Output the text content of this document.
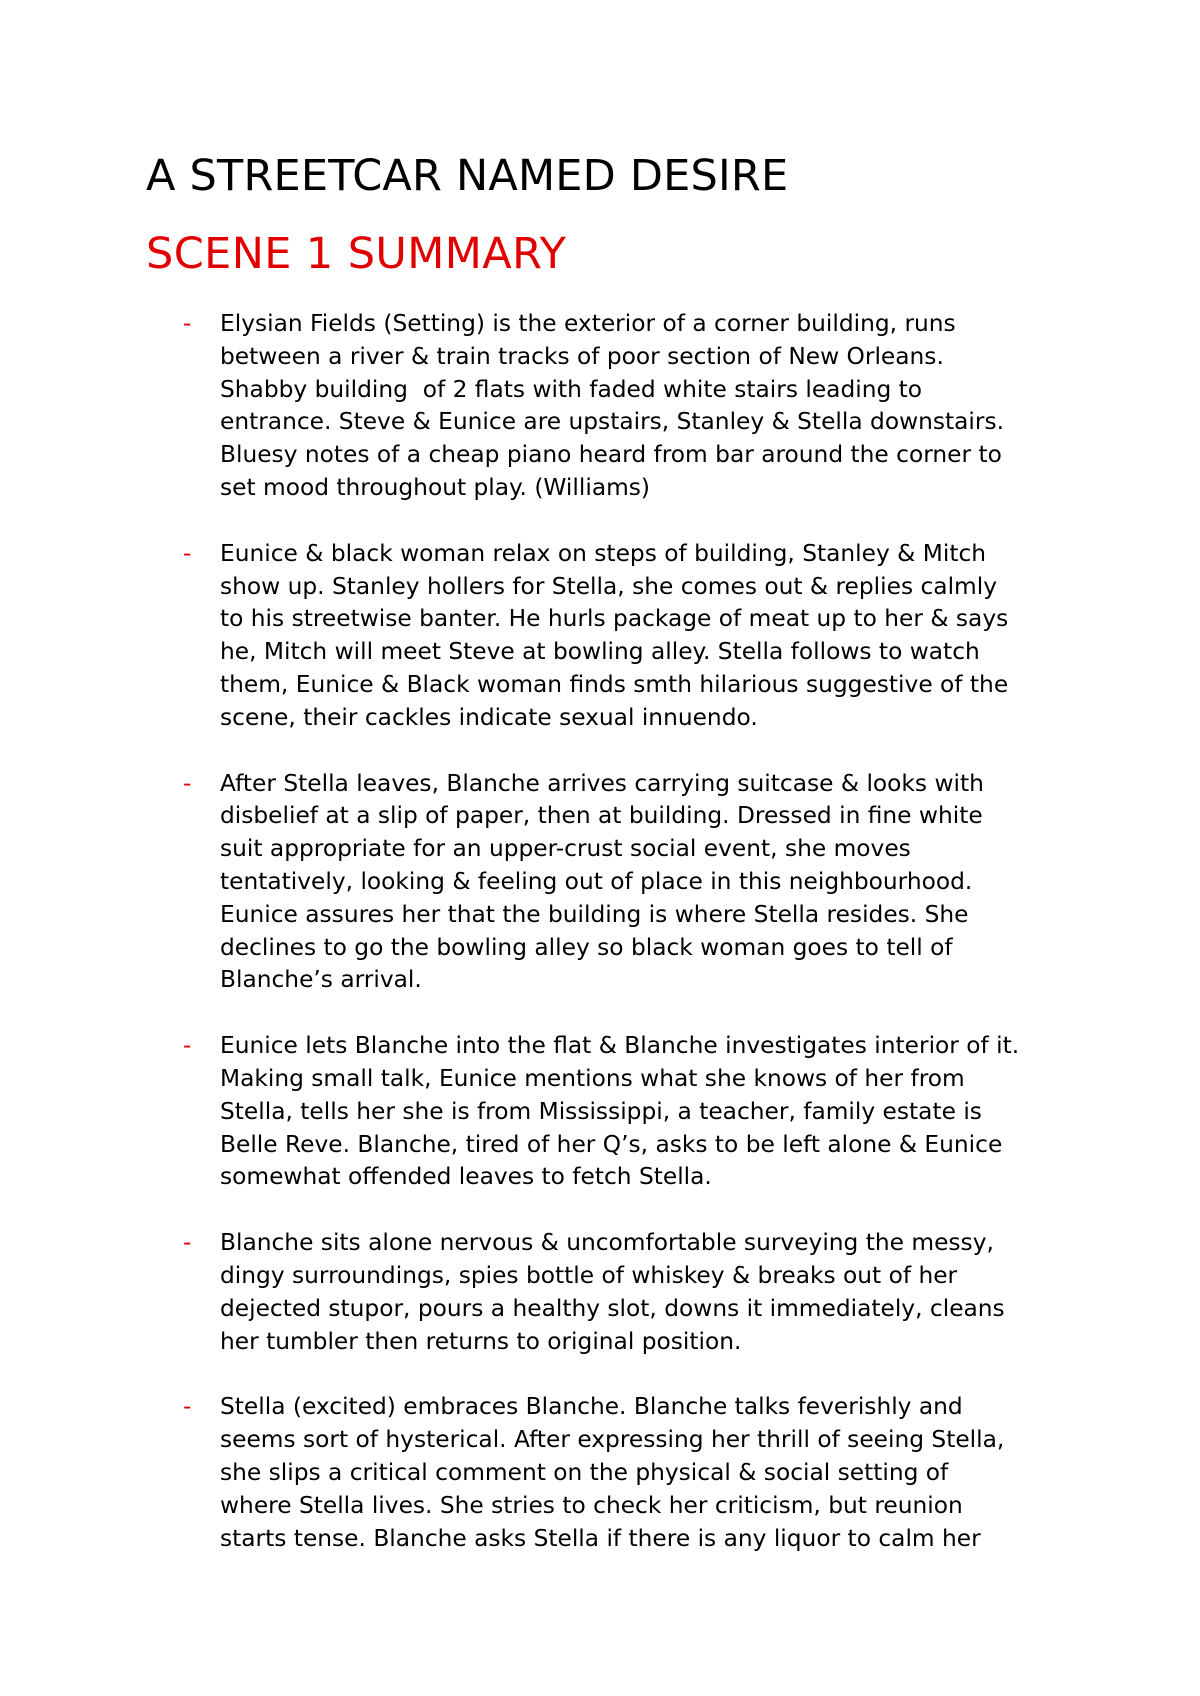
A STREETCAR NAMED DESIRE
SCENE 1 SUMMARY
- Elysian Fields (Setting) is the exterior of a corner building, runs
between a river & train tracks of poor section of New Orleans.
Shabby building  of 2 flats with faded white stairs leading to
entrance. Steve & Eunice are upstairs, Stanley & Stella downstairs.
Bluesy notes of a cheap piano heard from bar around the corner to
set mood throughout play. (Williams)
- Eunice & black woman relax on steps of building, Stanley & Mitch
show up. Stanley hollers for Stella, she comes out & replies calmly
to his streetwise banter. He hurls package of meat up to her & says
he, Mitch will meet Steve at bowling alley. Stella follows to watch
them, Eunice & Black woman finds smth hilarious suggestive of the
scene, their cackles indicate sexual innuendo.
- After Stella leaves, Blanche arrives carrying suitcase & looks with
disbelief at a slip of paper, then at building. Dressed in fine white
suit appropriate for an upper-crust social event, she moves
tentatively, looking & feeling out of place in this neighbourhood.
Eunice assures her that the building is where Stella resides. She
declines to go the bowling alley so black woman goes to tell of
Blanche’s arrival.
- Eunice lets Blanche into the flat & Blanche investigates interior of it.
Making small talk, Eunice mentions what she knows of her from
Stella, tells her she is from Mississippi, a teacher, family estate is
Belle Reve. Blanche, tired of her Q’s, asks to be left alone & Eunice
somewhat offended leaves to fetch Stella.
- Blanche sits alone nervous & uncomfortable surveying the messy,
dingy surroundings, spies bottle of whiskey & breaks out of her
dejected stupor, pours a healthy slot, downs it immediately, cleans
her tumbler then returns to original position.
- Stella (excited) embraces Blanche. Blanche talks feverishly and
seems sort of hysterical. After expressing her thrill of seeing Stella,
she slips a critical comment on the physical & social setting of
where Stella lives. She stries to check her criticism, but reunion
starts tense. Blanche asks Stella if there is any liquor to calm her
